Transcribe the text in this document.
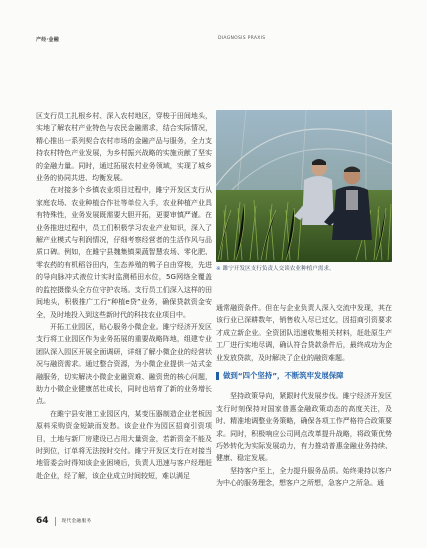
产经·金融	DIAGNOSIS PRAXIS

区支行员工扎根乡村、深入农村地区，穿梭于田间地头，实地了解农村产业特色与农民金融需求，结合实际情况，精心推出一系列契合农村市场的金融产品与服务，全力支持农村特色产业发展，为乡村振兴战略的实施贡献了坚实的金融力量。同时，通过拓展农村业务领域，实现了城乡业务的协同共进、均衡发展。

在对接多个乡镇农业项目过程中，雎宁开发区支行从家庭农场、农业种植合作社等单位入手，农业种植产业具有特殊性，业务发展既需要大胆开拓，更要审慎严谨。在业务推进过程中，员工们积极学习农业产业知识，深入了解产业模式与利润情况，仔细考察经营者的生活作风与品质口碑。例如，在雎宁县魏集镇果蔬智慧农场、零化肥、零农药的有机稻谷田内，生态养殖的鸭子自由穿梭，先进的导向脉冲式液位计实时监测稻田水位，5G网络全覆盖的监控摄像头全方位守护农场。支行员工们深入这样的田间地头，积极推广工行“种植e贷”业务，确保贷款资金安全，及时地投入到这些新时代的科技农业项目中。

开拓工业园区，贴心服务小微企业。雎宁经济开发区支行将工业园区作为业务拓展的重要战略阵地，组建专业团队深入园区开展全面调研，详细了解小微企业的经营状况与融资需求。通过整合资源，为小微企业提供一站式金融服务，切实解决小微企业融资难、融资贵的核心问题，助力小微企业健康茁壮成长，同时也培育了新的业务增长点。

在雎宁县安港工业园区内，某变压器制造企业老板因原料采购资金短缺而发愁。该企业作为园区招商引资项目，土地与新厂房建设已占用大量资金，若新资金不能及时到位，订单将无法按时交付。雎宁开发区支行在对接当地管委会时得知该企业困境后，负责人迅速与客户经理赶赴企业，经了解，该企业成立时间较短，难以满足

※ 雎宁开发区支行负责人交谈农业种植户需求。

通常融资条件。但在与企业负责人深入交流中发现，其在该行业已深耕数年，销售收入尽已过亿，因招商引资要求才成立新企业。全资团队迅速收集相关材料，赶赴原生产工厂进行实地尽调，确认符合贷款条件后，最终成功为企业发放贷款，及时解决了企业的融资难题。

做到“四个坚持”，不断筑牢发展保障

坚持政策导向，紧跟时代发展步伐。雎宁经济开发区支行时刻保持对国家普惠金融政策动态的高度关注，及时、精准地调整业务策略，确保各项工作严格符合政策要求。同时，积极响应公司网点改革提升战略，将政策优势巧妙转化为实际发展动力，有力推动普惠金融业务持续、健康、稳定发展。

坚持客户至上，全力提升服务品质。始终秉持以客户为中心的服务理念，想客户之所想，急客户之所急。通

64	现代金融服务
